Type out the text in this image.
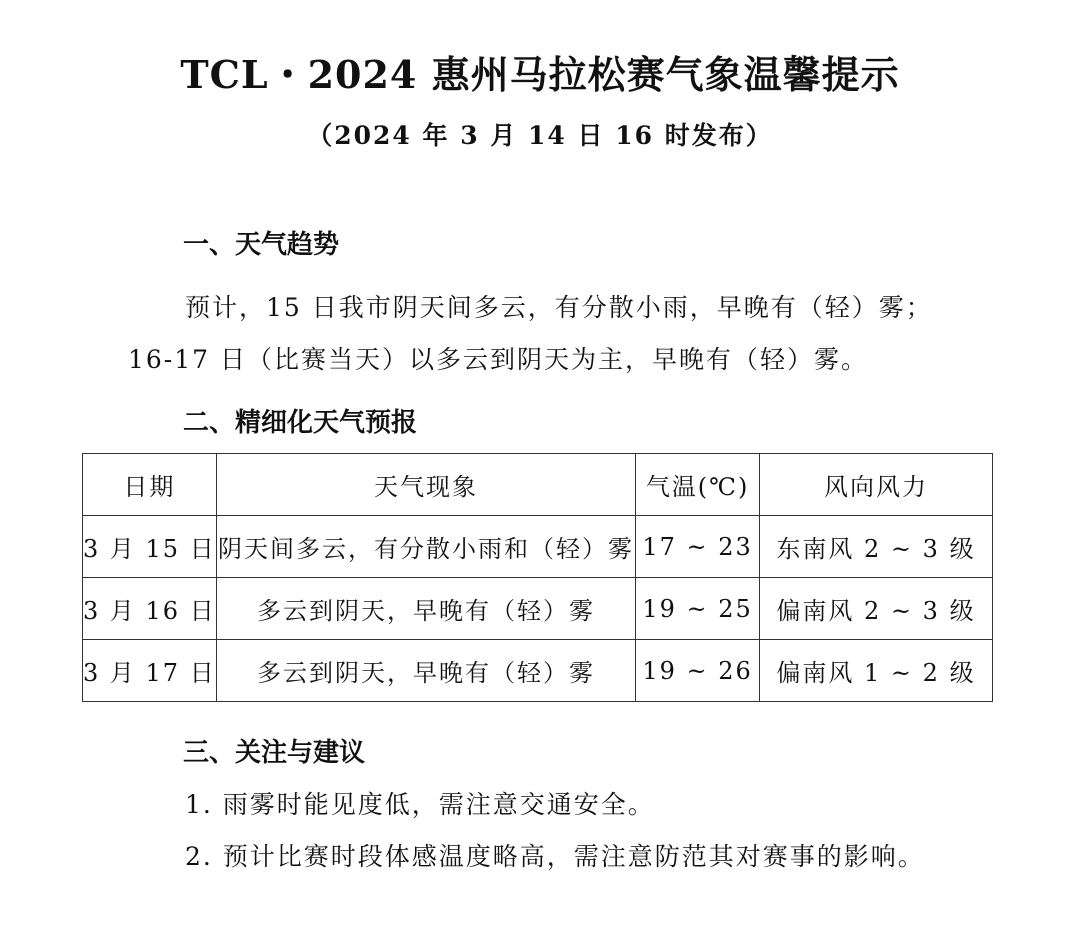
TCL・2024 惠州马拉松赛气象温馨提示
（2024 年 3 月 14 日 16 时发布）
一、天气趋势
预计，15 日我市阴天间多云，有分散小雨，早晚有（轻）雾；
16-17 日（比赛当天）以多云到阴天为主，早晚有（轻）雾。
二、精细化天气预报
日期	天气现象	气温(℃)	风向风力
3 月 15 日	阴天间多云，有分散小雨和（轻）雾	17 ~ 23	东南风 2 ~ 3 级
3 月 16 日	多云到阴天，早晚有（轻）雾	19 ~ 25	偏南风 2 ~ 3 级
3 月 17 日	多云到阴天，早晚有（轻）雾	19 ~ 26	偏南风 1 ~ 2 级
三、关注与建议
1. 雨雾时能见度低，需注意交通安全。
2. 预计比赛时段体感温度略高，需注意防范其对赛事的影响。
